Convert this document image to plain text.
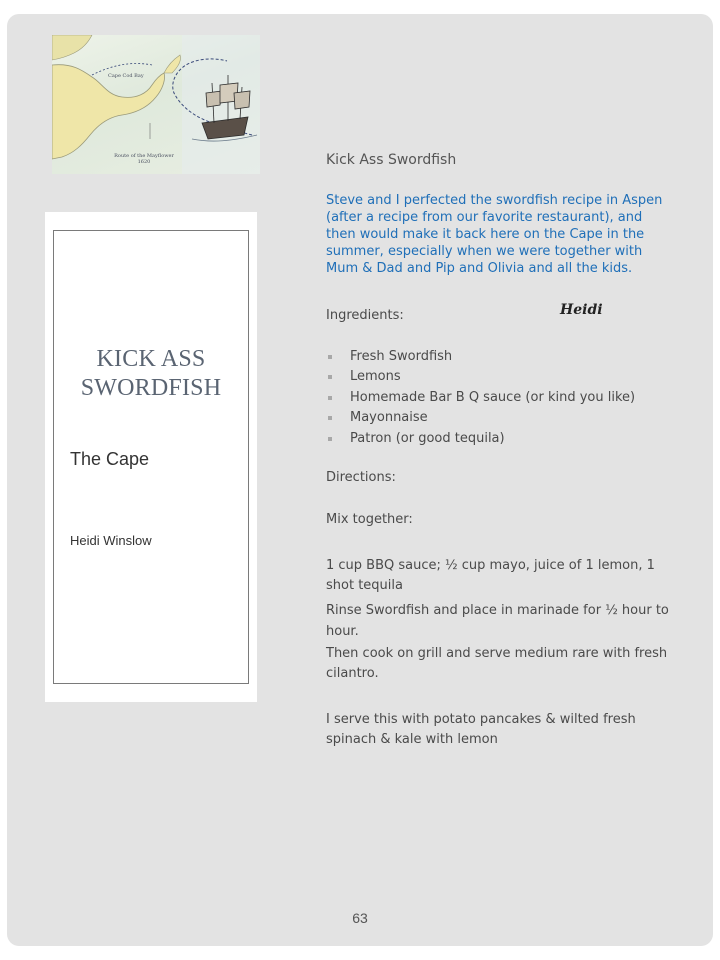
Cape Cod Bay
Route of the Mayflower 1620
KICK ASS SWORDFISH
The Cape
Heidi Winslow

Kick Ass Swordfish

Steve and I perfected the swordfish recipe in Aspen (after a recipe from our favorite restaurant), and then would make it back here on the Cape in the summer, especially when we were together with Mum & Dad and Pip and Olivia and all the kids.

Heidi

Ingredients:

Fresh Swordfish
Lemons
Homemade Bar B Q sauce (or kind you like)
Mayonnaise
Patron (or good tequila)

Directions:

Mix together:

1 cup BBQ sauce; ½ cup mayo, juice of 1 lemon, 1 shot tequila

Rinse Swordfish and place in marinade for ½ hour to hour.

Then cook on grill and serve medium rare with fresh cilantro.

I serve this with potato pancakes & wilted fresh spinach & kale with lemon

63
